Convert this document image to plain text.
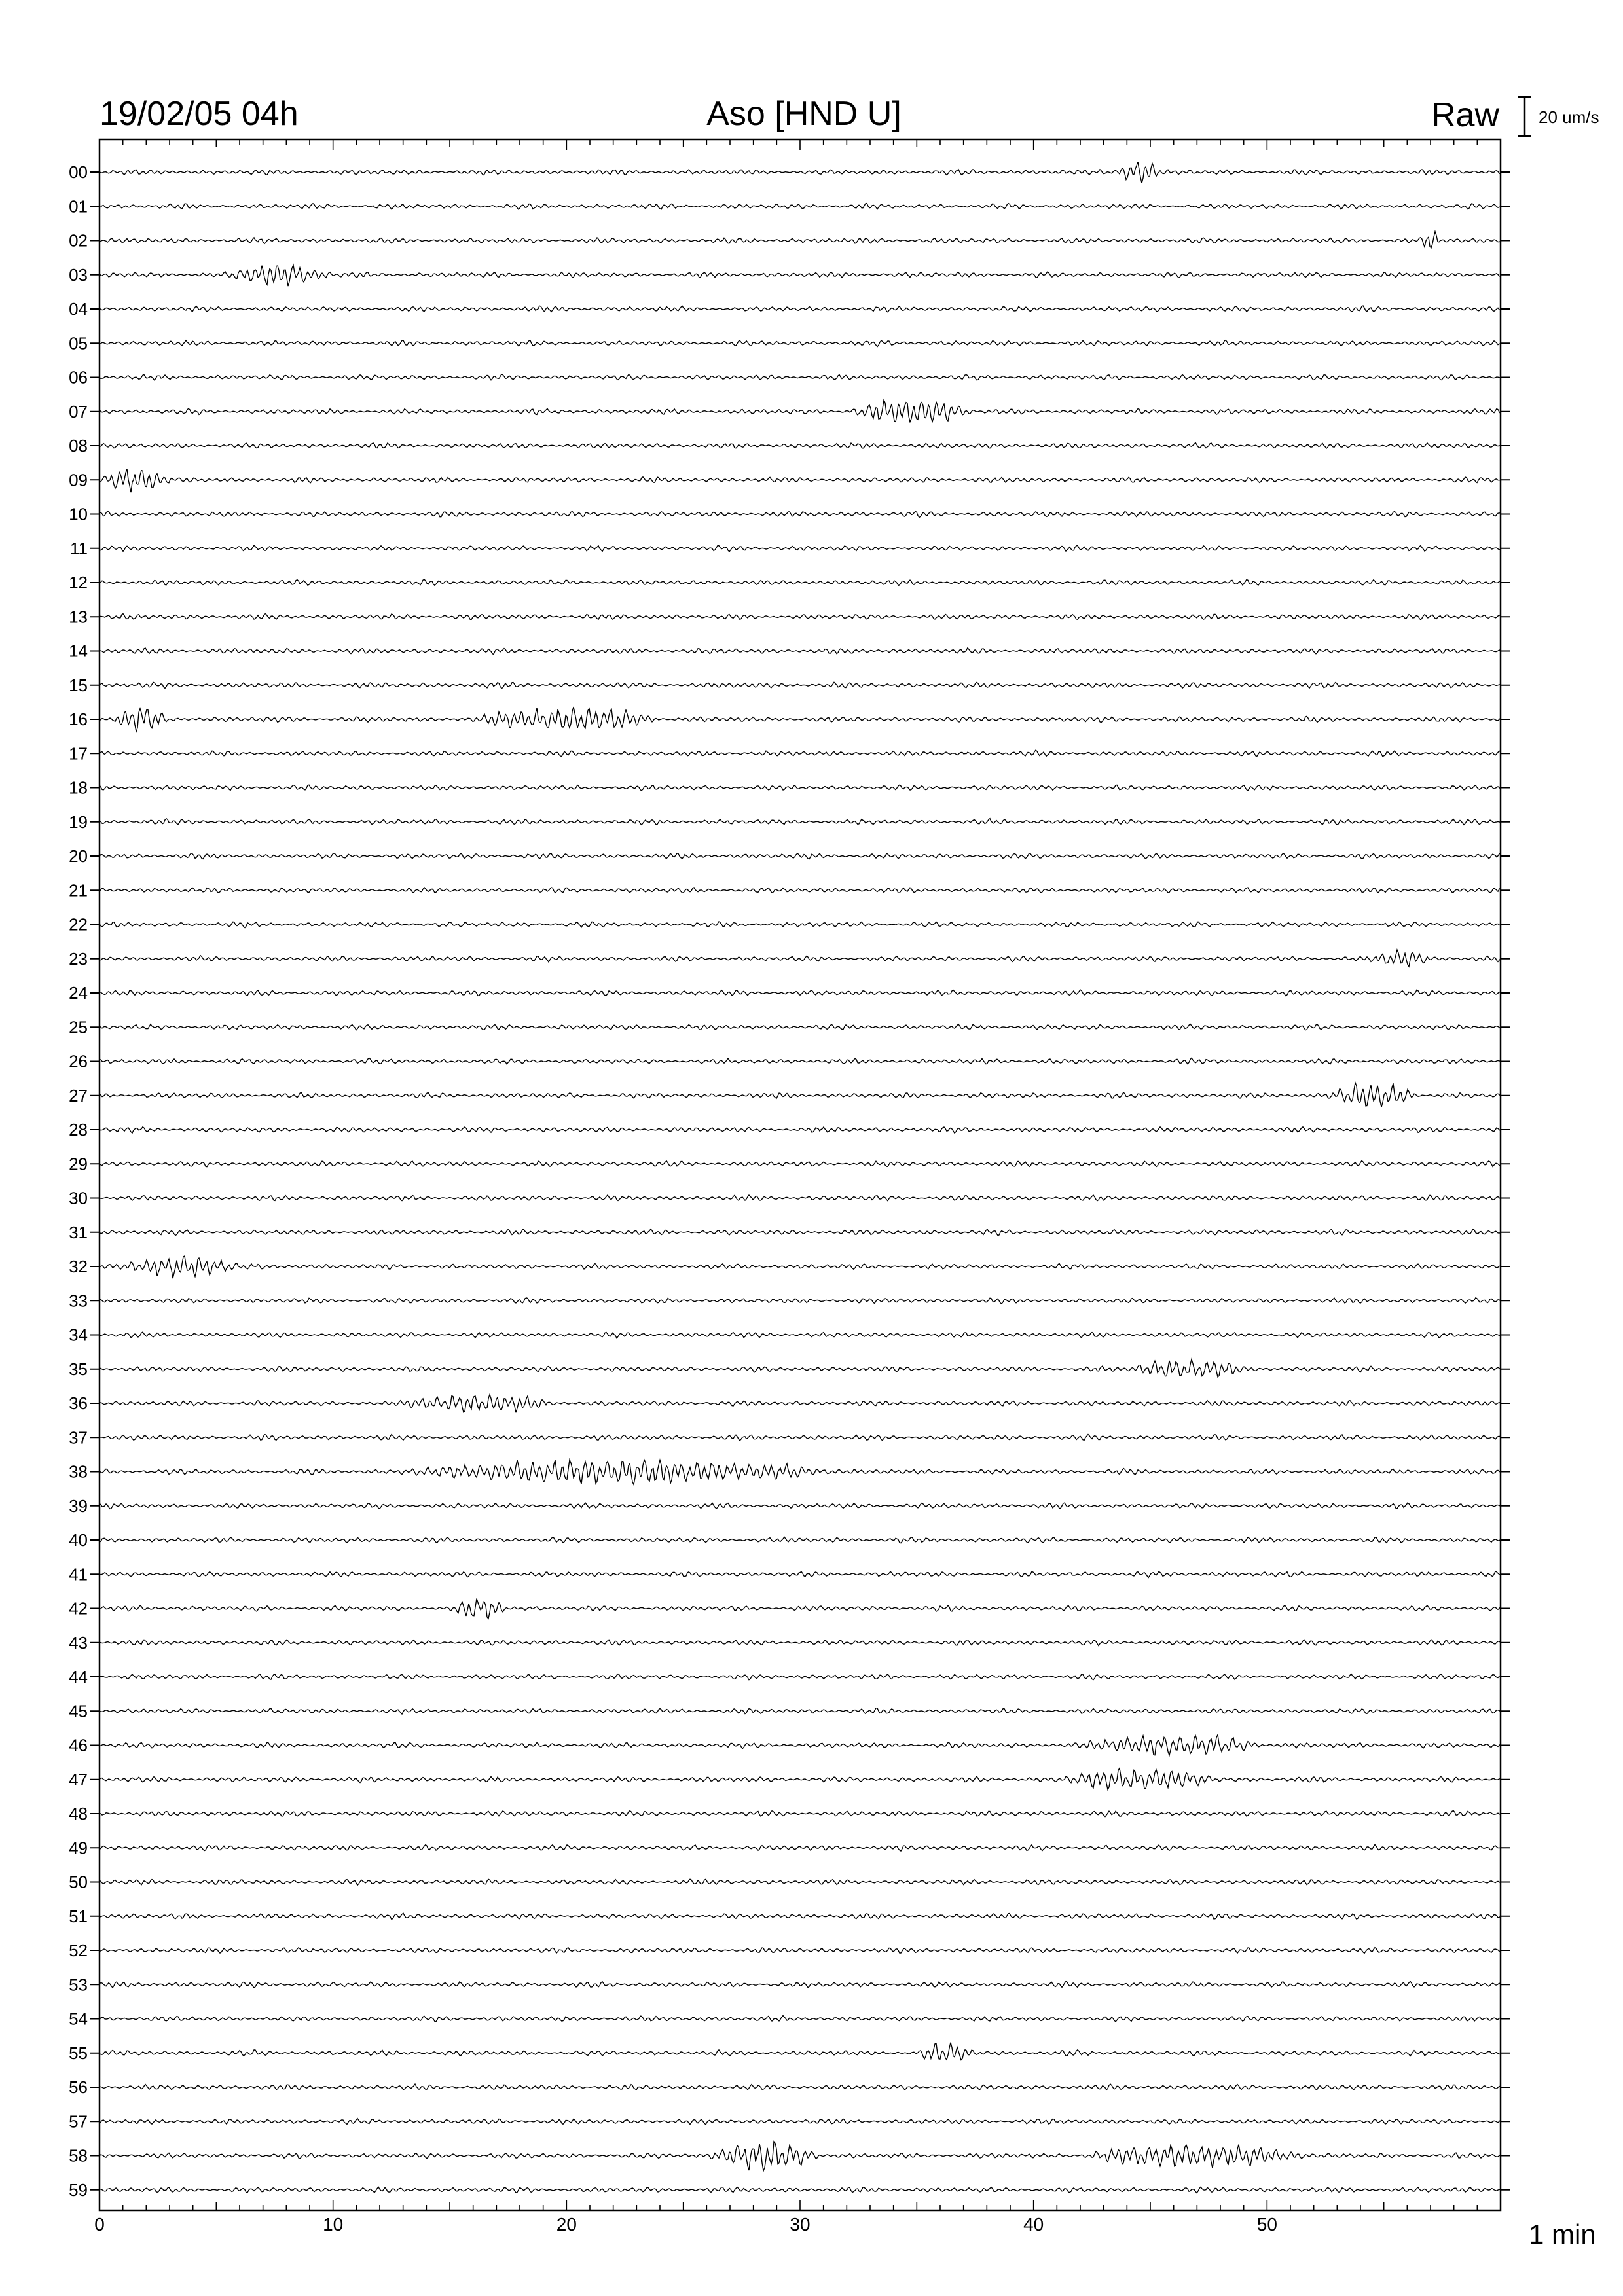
00
01
02
03
04
05
06
07
08
09
10
11
12
13
14
15
16
17
18
19
20
21
22
23
24
25
26
27
28
29
30
31
32
33
34
35
36
37
38
39
40
41
42
43
44
45
46
47
48
49
50
51
52
53
54
55
56
57
58
59
0	10	20	30	40	50
19/02/05 04h	Aso [HND U]	Raw 20 um/s
1 min
